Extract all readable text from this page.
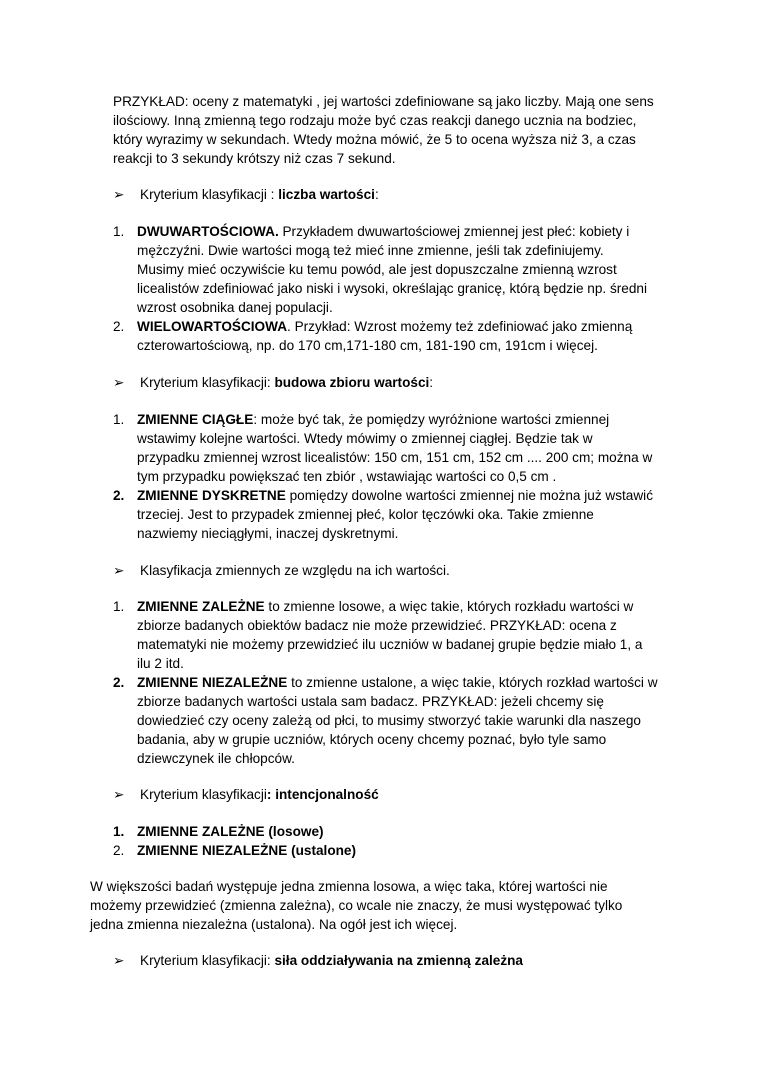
PRZYKŁAD: oceny z matematyki , jej wartości zdefiniowane są jako liczby. Mają one sens
ilościowy. Inną zmienną tego rodzaju może być czas reakcji danego ucznia na bodziec,
który wyrazimy w sekundach. Wtedy można mówić, że 5 to ocena wyższa niż 3, a czas
reakcji to 3 sekundy krótszy niż czas 7 sekund.
➢ Kryterium klasyfikacji : liczba wartości:
1. DWUWARTOŚCIOWA. Przykładem dwuwartościowej zmiennej jest płeć: kobiety i
mężczyźni. Dwie wartości mogą też mieć inne zmienne, jeśli tak zdefiniujemy.
Musimy mieć oczywiście ku temu powód, ale jest dopuszczalne zmienną wzrost
licealistów zdefiniować jako niski i wysoki, określając granicę, którą będzie np. średni
wzrost osobnika danej populacji.
2. WIELOWARTOŚCIOWA. Przykład: Wzrost możemy też zdefiniować jako zmienną
czterowartościową, np. do 170 cm,171-180 cm, 181-190 cm, 191cm i więcej.
➢ Kryterium klasyfikacji: budowa zbioru wartości:
1. ZMIENNE CIĄGŁE: może być tak, że pomiędzy wyróżnione wartości zmiennej
wstawimy kolejne wartości. Wtedy mówimy o zmiennej ciągłej. Będzie tak w
przypadku zmiennej wzrost licealistów: 150 cm, 151 cm, 152 cm .... 200 cm; można w
tym przypadku powiększać ten zbiór , wstawiając wartości co 0,5 cm .
2. ZMIENNE DYSKRETNE pomiędzy dowolne wartości zmiennej nie można już wstawić
trzeciej. Jest to przypadek zmiennej płeć, kolor tęczówki oka. Takie zmienne
nazwiemy nieciągłymi, inaczej dyskretnymi.
➢ Klasyfikacja zmiennych ze względu na ich wartości.
1. ZMIENNE ZALEŻNE to zmienne losowe, a więc takie, których rozkładu wartości w
zbiorze badanych obiektów badacz nie może przewidzieć. PRZYKŁAD: ocena z
matematyki nie możemy przewidzieć ilu uczniów w badanej grupie będzie miało 1, a
ilu 2 itd.
2. ZMIENNE NIEZALEŻNE to zmienne ustalone, a więc takie, których rozkład wartości w
zbiorze badanych wartości ustala sam badacz. PRZYKŁAD: jeżeli chcemy się
dowiedzieć czy oceny zależą od płci, to musimy stworzyć takie warunki dla naszego
badania, aby w grupie uczniów, których oceny chcemy poznać, było tyle samo
dziewczynek ile chłopców.
➢ Kryterium klasyfikacji: intencjonalność
1. ZMIENNE ZALEŻNE (losowe)
2. ZMIENNE NIEZALEŻNE (ustalone)
W większości badań występuje jedna zmienna losowa, a więc taka, której wartości nie
możemy przewidzieć (zmienna zależna), co wcale nie znaczy, że musi występować tylko
jedna zmienna niezależna (ustalona). Na ogół jest ich więcej.
➢ Kryterium klasyfikacji: siła oddziaływania na zmienną zależna
